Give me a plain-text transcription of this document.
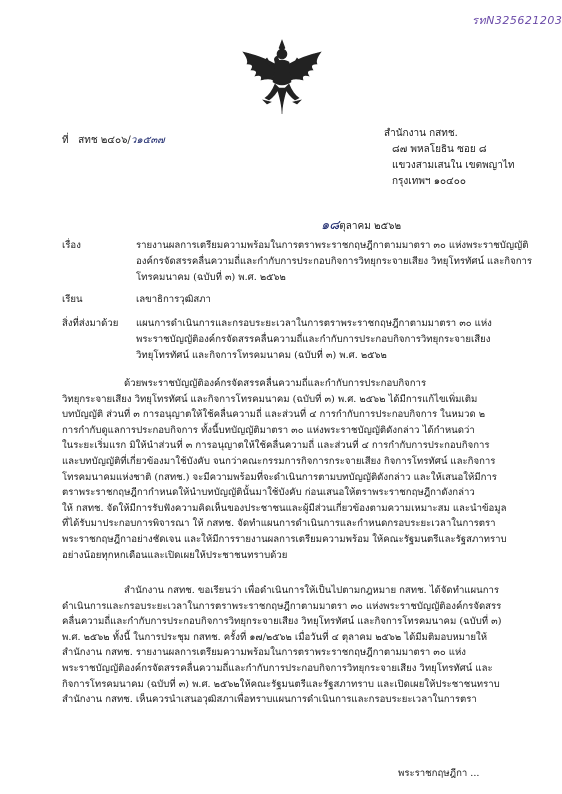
รทN325621203
ที่ สทช ๒๔๐๖/ว๑๕๓๗
สำนักงาน กสทช.
๘๗ พหลโยธิน ซอย ๘
แขวงสามเสนใน เขตพญาไท
กรุงเทพฯ ๑๐๔๐๐
๑๘ตุลาคม ๒๕๖๒
เรื่อง	รายงานผลการเตรียมความพร้อมในการตราพระราชกฤษฎีกาตามมาตรา ๓๐ แห่งพระราชบัญญัติ
องค์กรจัดสรรคลื่นความถี่และกำกับการประกอบกิจการวิทยุกระจายเสียง วิทยุโทรทัศน์ และกิจการ
โทรคมนาคม (ฉบับที่ ๓) พ.ศ. ๒๕๖๒
เรียน	เลขาธิการวุฒิสภา
สิ่งที่ส่งมาด้วย แผนการดำเนินการและกรอบระยะเวลาในการตราพระราชกฤษฎีกาตามมาตรา ๓๐ แห่ง
พระราชบัญญัติองค์กรจัดสรรคลื่นความถี่และกำกับการประกอบกิจการวิทยุกระจายเสียง
วิทยุโทรทัศน์ และกิจการโทรคมนาคม (ฉบับที่ ๓) พ.ศ. ๒๕๖๒
ด้วยพระราชบัญญัติองค์กรจัดสรรคลื่นความถี่และกำกับการประกอบกิจการ
วิทยุกระจายเสียง วิทยุโทรทัศน์ และกิจการโทรคมนาคม (ฉบับที่ ๓) พ.ศ. ๒๕๖๒ ได้มีการแก้ไขเพิ่มเติม
บทบัญญัติ ส่วนที่ ๓ การอนุญาตให้ใช้คลื่นความถี่ และส่วนที่ ๔ การกำกับการประกอบกิจการ ในหมวด ๒
การกำกับดูแลการประกอบกิจการ ทั้งนี้บทบัญญัติมาตรา ๓๐ แห่งพระราชบัญญัติดังกล่าว ได้กำหนดว่า
ในระยะเริ่มแรก มิให้นำส่วนที่ ๓ การอนุญาตให้ใช้คลื่นความถี่ และส่วนที่ ๔ การกำกับการประกอบกิจการ
และบทบัญญัติที่เกี่ยวข้องมาใช้บังคับ จนกว่าคณะกรรมการกิจการกระจายเสียง กิจการโทรทัศน์ และกิจการ
โทรคมนาคมแห่งชาติ (กสทช.) จะมีความพร้อมที่จะดำเนินการตามบทบัญญัติดังกล่าว และให้เสนอให้มีการ
ตราพระราชกฤษฎีกากำหนดให้นำบทบัญญัตินั้นมาใช้บังคับ ก่อนเสนอให้ตราพระราชกฤษฎีกาดังกล่าว
ให้ กสทช. จัดให้มีการรับฟังความคิดเห็นของประชาชนและผู้มีส่วนเกี่ยวข้องตามความเหมาะสม และนำข้อมูล
ที่ได้รับมาประกอบการพิจารณา ให้ กสทช. จัดทำแผนการดำเนินการและกำหนดกรอบระยะเวลาในการตรา
พระราชกฤษฎีกาอย่างชัดเจน และให้มีการรายงานผลการเตรียมความพร้อม ให้คณะรัฐมนตรีและรัฐสภาทราบ
อย่างน้อยทุกหกเดือนและเปิดเผยให้ประชาชนทราบด้วย
สำนักงาน กสทช. ขอเรียนว่า เพื่อดำเนินการให้เป็นไปตามกฎหมาย กสทช. ได้จัดทำแผนการ
ดำเนินการและกรอบระยะเวลาในการตราพระราชกฤษฎีกาตามมาตรา ๓๐ แห่งพระราชบัญญัติองค์กรจัดสรร
คลื่นความถี่และกำกับการประกอบกิจการวิทยุกระจายเสียง วิทยุโทรทัศน์ และกิจการโทรคมนาคม (ฉบับที่ ๓)
พ.ศ. ๒๕๖๒ ทั้งนี้ ในการประชุม กสทช. ครั้งที่ ๑๗/๒๕๖๒ เมื่อวันที่ ๔ ตุลาคม ๒๕๖๒ ได้มีมติมอบหมายให้
สำนักงาน กสทช. รายงานผลการเตรียมความพร้อมในการตราพระราชกฤษฎีกาตามมาตรา ๓๐ แห่ง
พระราชบัญญัติองค์กรจัดสรรคลื่นความถี่และกำกับการประกอบกิจการวิทยุกระจายเสียง วิทยุโทรทัศน์ และ
กิจการโทรคมนาคม (ฉบับที่ ๓) พ.ศ. ๒๕๖๒ให้คณะรัฐมนตรีและรัฐสภาทราบ และเปิดเผยให้ประชาชนทราบ
สำนักงาน กสทช. เห็นควรนำเสนอวุฒิสภาเพื่อทราบแผนการดำเนินการและกรอบระยะเวลาในการตรา
พระราชกฤษฎีกา ...
